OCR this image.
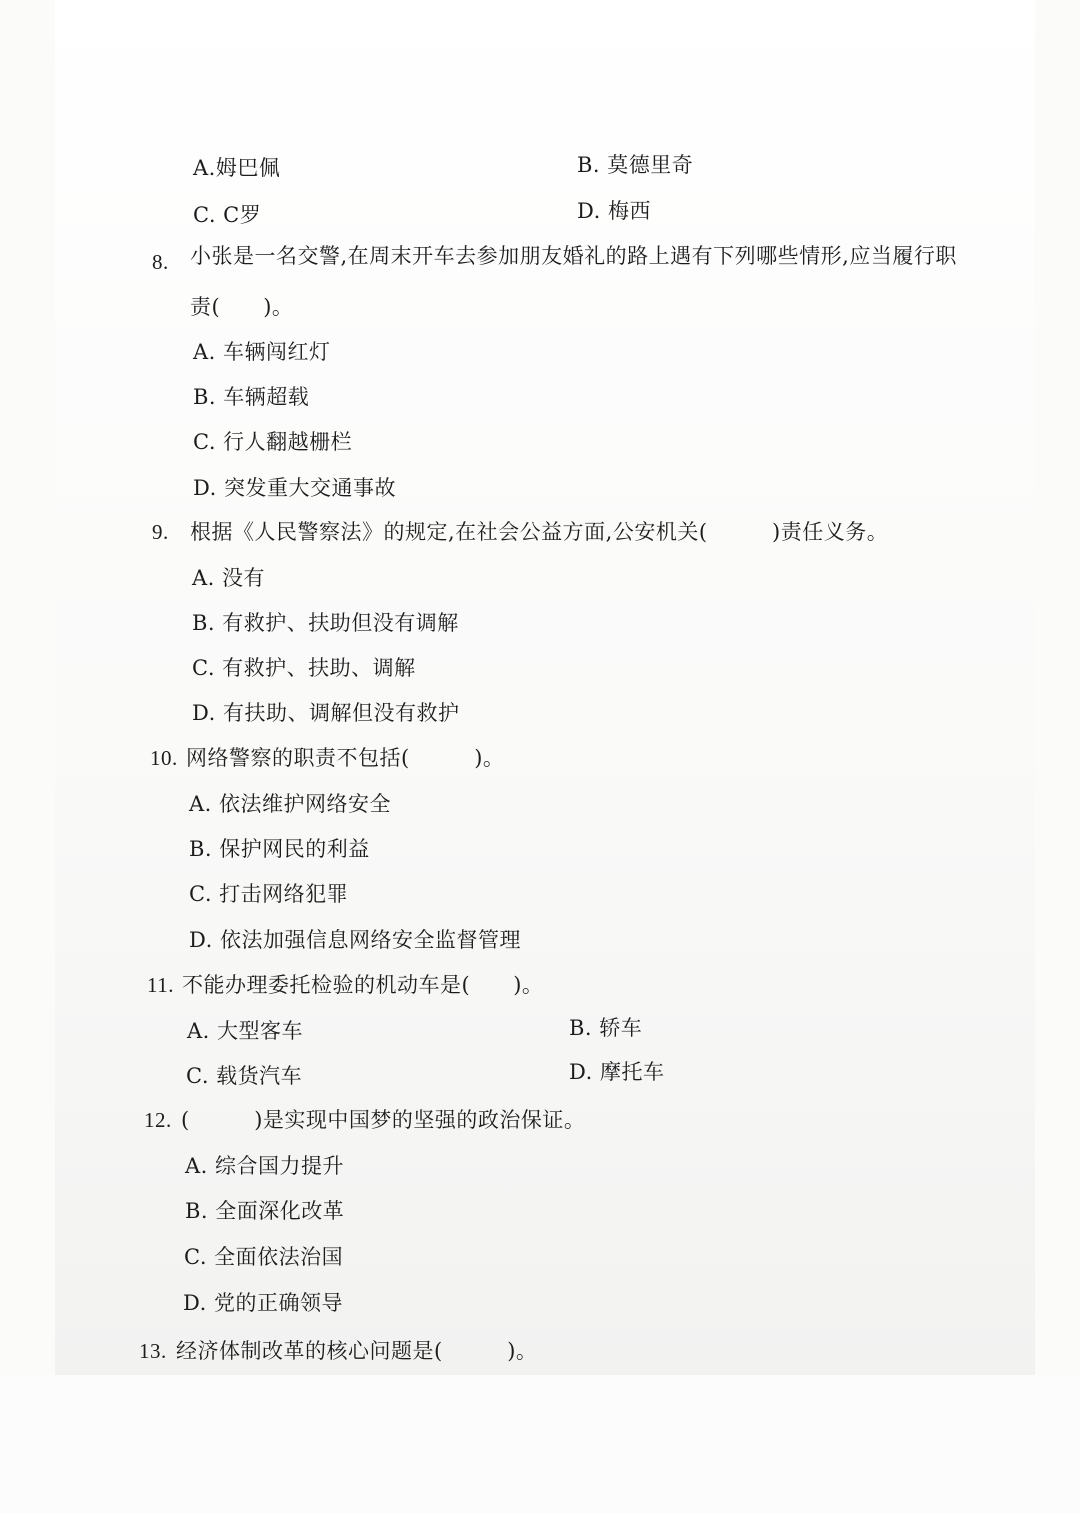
A.姆巴佩	B. 莫德里奇
C. C罗	D. 梅西
8. 小张是一名交警,在周末开车去参加朋友婚礼的路上遇有下列哪些情形,应当履行职
责(　　)。
A. 车辆闯红灯
B. 车辆超载
C. 行人翻越栅栏
D. 突发重大交通事故
9. 根据《人民警察法》的规定,在社会公益方面,公安机关(　　　)责任义务。
A. 没有
B. 有救护、扶助但没有调解
C. 有救护、扶助、调解
D. 有扶助、调解但没有救护
10. 网络警察的职责不包括(　　　)。
A. 依法维护网络安全
B. 保护网民的利益
C. 打击网络犯罪
D. 依法加强信息网络安全监督管理
11. 不能办理委托检验的机动车是(　　)。
A. 大型客车	B. 轿车
C. 载货汽车	D. 摩托车
12. (　　　)是实现中国梦的坚强的政治保证。
A. 综合国力提升
B. 全面深化改革
C. 全面依法治国
D. 党的正确领导
13. 经济体制改革的核心问题是(　　　)。
